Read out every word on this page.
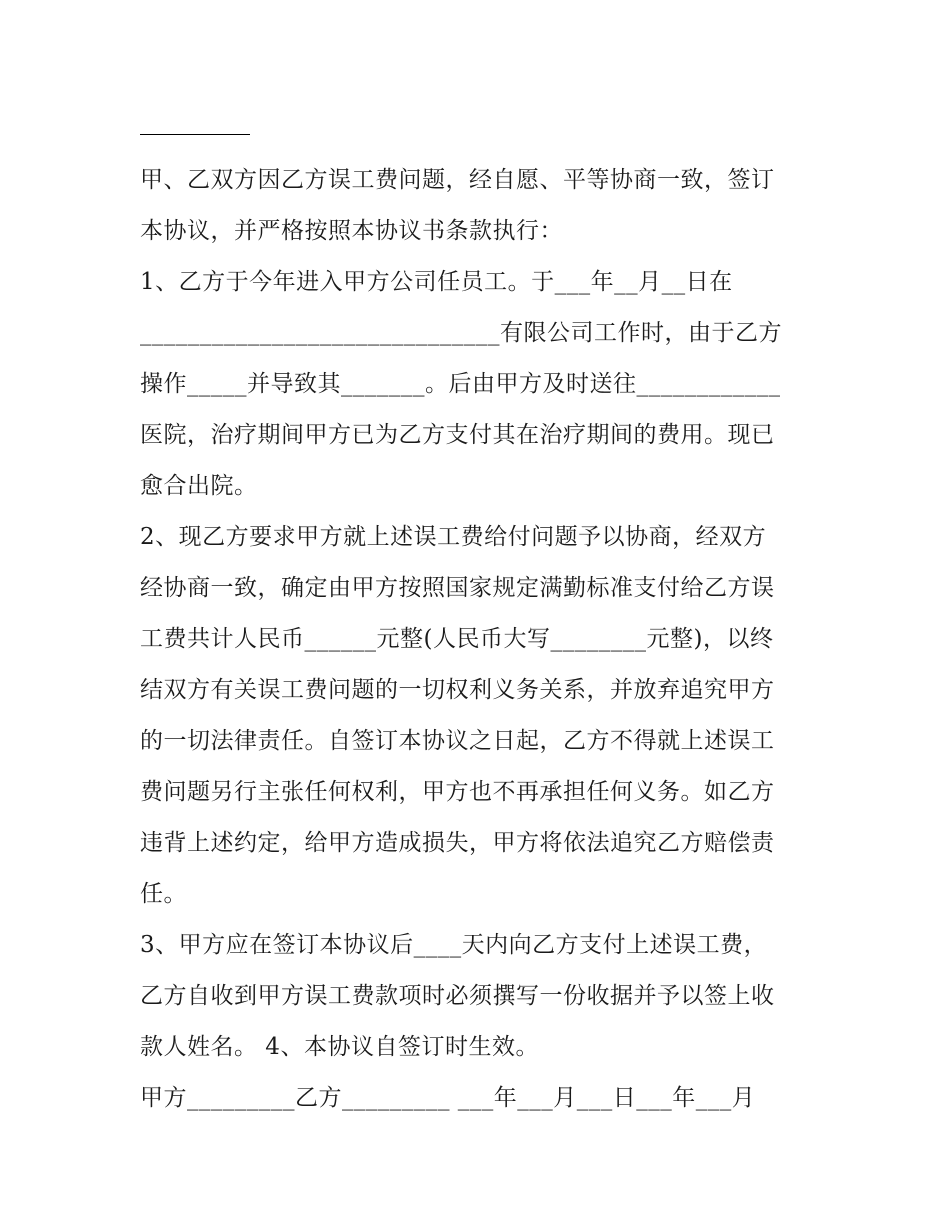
甲、乙双方因乙方误工费问题，经自愿、平等协商一致，签订
本协议，并严格按照本协议书条款执行：
1、乙方于今年进入甲方公司任员工。于___年__月__日在
______________________________有限公司工作时，由于乙方
操作_____并导致其_______。后由甲方及时送往____________
医院，治疗期间甲方已为乙方支付其在治疗期间的费用。现已
愈合出院。
2、现乙方要求甲方就上述误工费给付问题予以协商，经双方
经协商一致，确定由甲方按照国家规定满勤标准支付给乙方误
工费共计人民币______元整(人民币大写________元整)，以终
结双方有关误工费问题的一切权利义务关系，并放弃追究甲方
的一切法律责任。自签订本协议之日起，乙方不得就上述误工
费问题另行主张任何权利，甲方也不再承担任何义务。如乙方
违背上述约定，给甲方造成损失，甲方将依法追究乙方赔偿责
任。
3、甲方应在签订本协议后____天内向乙方支付上述误工费，
乙方自收到甲方误工费款项时必须撰写一份收据并予以签上收
款人姓名。 4、本协议自签订时生效。
甲方_________乙方_________ ___年___月___日___年___月
